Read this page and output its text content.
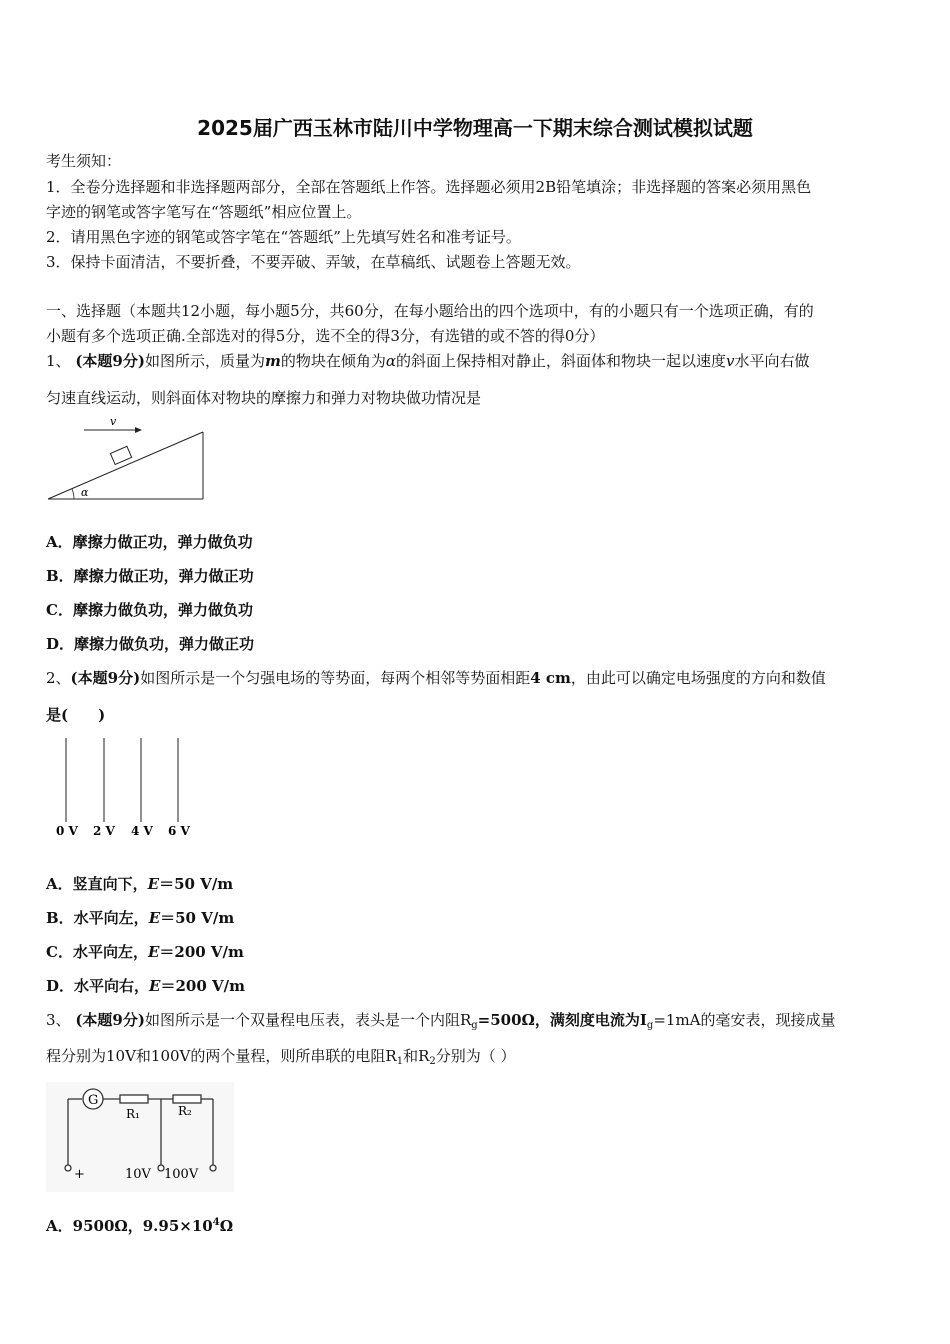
2025届广西玉林市陆川中学物理高一下期末综合测试模拟试题
考生须知：
1．全卷分选择题和非选择题两部分，全部在答题纸上作答。选择题必须用2B铅笔填涂；非选择题的答案必须用黑色
字迹的钢笔或答字笔写在“答题纸”相应位置上。
2．请用黑色字迹的钢笔或答字笔在“答题纸”上先填写姓名和准考证号。
3．保持卡面清洁，不要折叠，不要弄破、弄皱，在草稿纸、试题卷上答题无效。
一、选择题（本题共12小题，每小题5分，共60分，在每小题给出的四个选项中，有的小题只有一个选项正确，有的
小题有多个选项正确.全部选对的得5分，选不全的得3分，有选错的或不答的得0分）
1、 (本题9分)如图所示，质量为m的物块在倾角为α的斜面上保持相对静止，斜面体和物块一起以速度v水平向右做
匀速直线运动，则斜面体对物块的摩擦力和弹力对物块做功情况是
v
α
A．摩擦力做正功，弹力做负功
B．摩擦力做正功，弹力做正功
C．摩擦力做负功，弹力做负功
D．摩擦力做负功，弹力做正功
2、(本题9分)如图所示是一个匀强电场的等势面，每两个相邻等势面相距4 cm，由此可以确定电场强度的方向和数值
是(　　)
0 V 2 V 4 V 6 V
A．竖直向下，E＝50 V/m
B．水平向左，E＝50 V/m
C．水平向左，E＝200 V/m
D．水平向右，E＝200 V/m
3、 (本题9分)如图所示是一个双量程电压表，表头是一个内阻$R_g=500\Omega$，满刻度电流为$I_g=1mA$的毫安表，现接成量
程分别为10V和100V的两个量程，则所串联的电阻$R_1$和$R_2$分别为（ ）
G
R₁	R₂
+	10V 100V
A．9500Ω，$9.95\times 10^4\Omega$
